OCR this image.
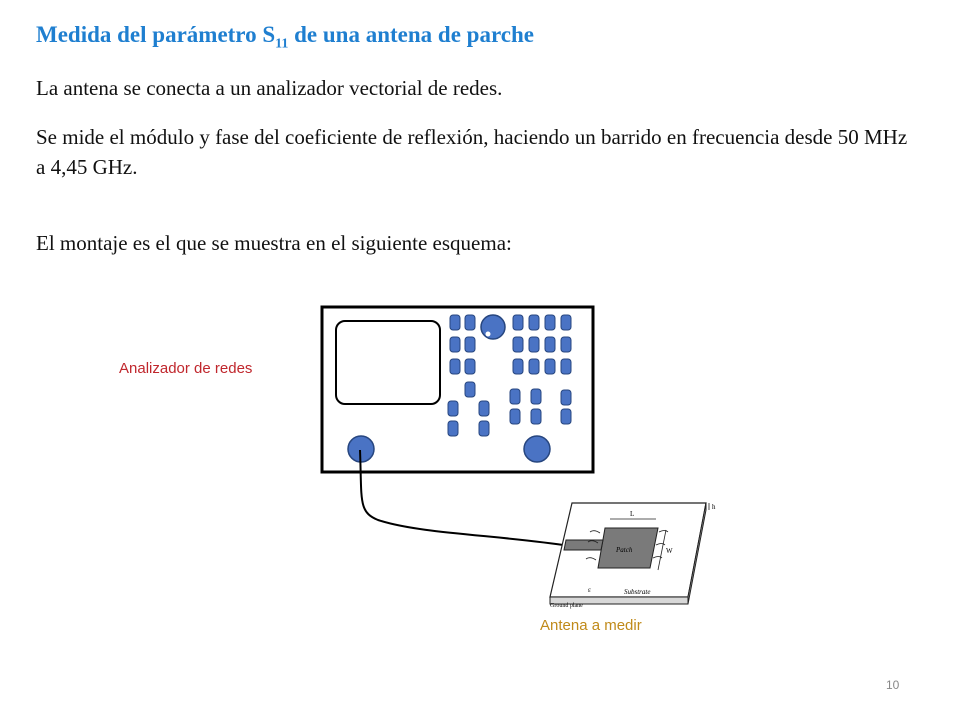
Medida del parámetro $S_{11}$ de una antena de parche
La antena se conecta a un analizador vectorial de redes.
Se mide el módulo y fase del coeficiente de reflexión, haciendo un barrido en frecuencia desde 50 MHz a 4,45 GHz.
El montaje es el que se muestra en el siguiente esquema:
Analizador de redes
L
W
h
Patch
Substrate
ε
Ground plane
Antena a medir
10
